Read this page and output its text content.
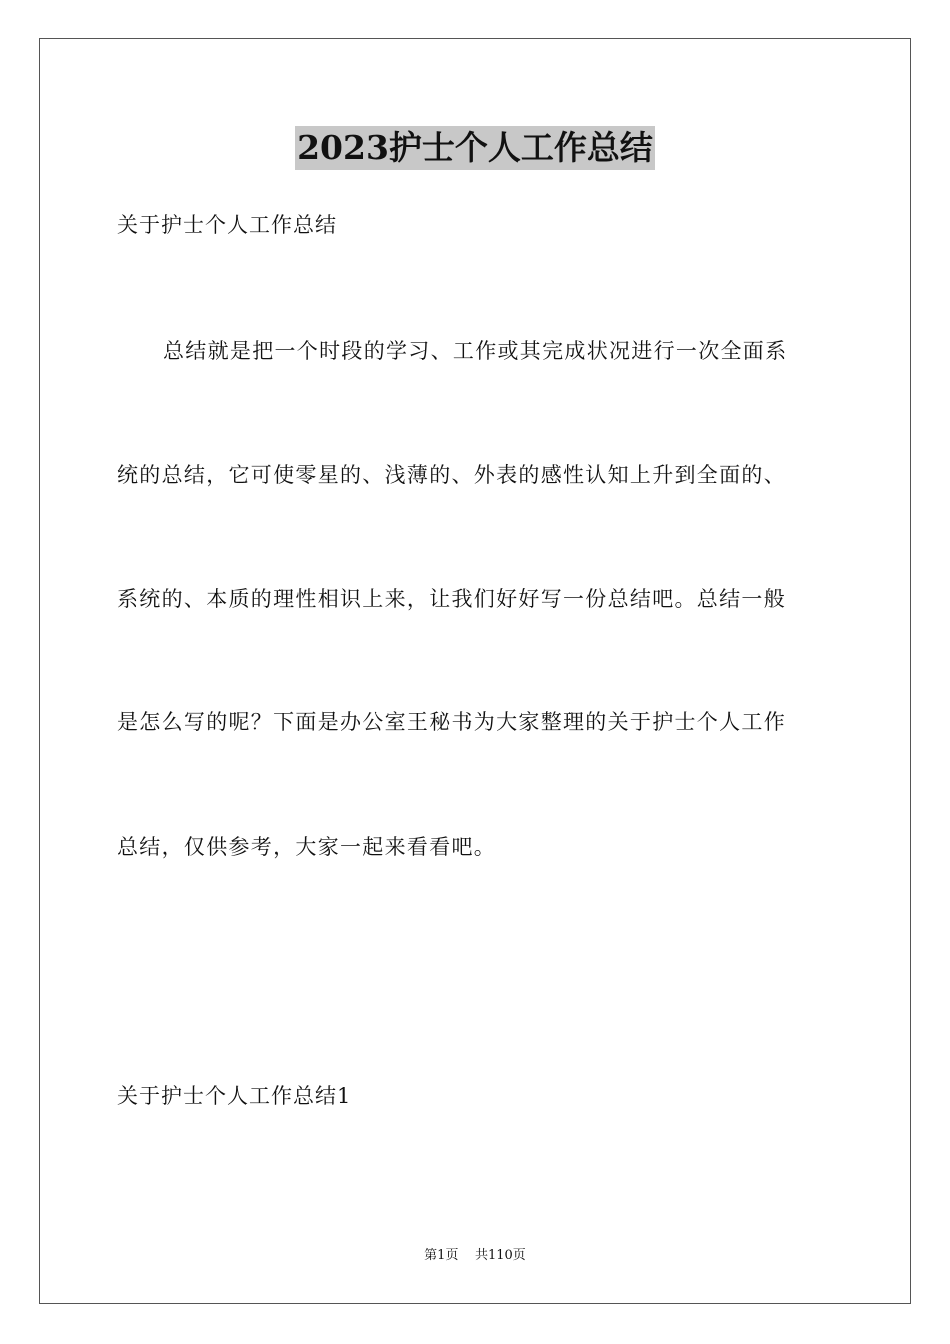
2023护士个人工作总结
关于护士个人工作总结
总结就是把一个时段的学习、工作或其完成状况进行一次全面系
统的总结，它可使零星的、浅薄的、外表的感性认知上升到全面的、
系统的、本质的理性相识上来，让我们好好写一份总结吧。总结一般
是怎么写的呢？下面是办公室王秘书为大家整理的关于护士个人工作
总结，仅供参考，大家一起来看看吧。
关于护士个人工作总结1
第1页 共110页
